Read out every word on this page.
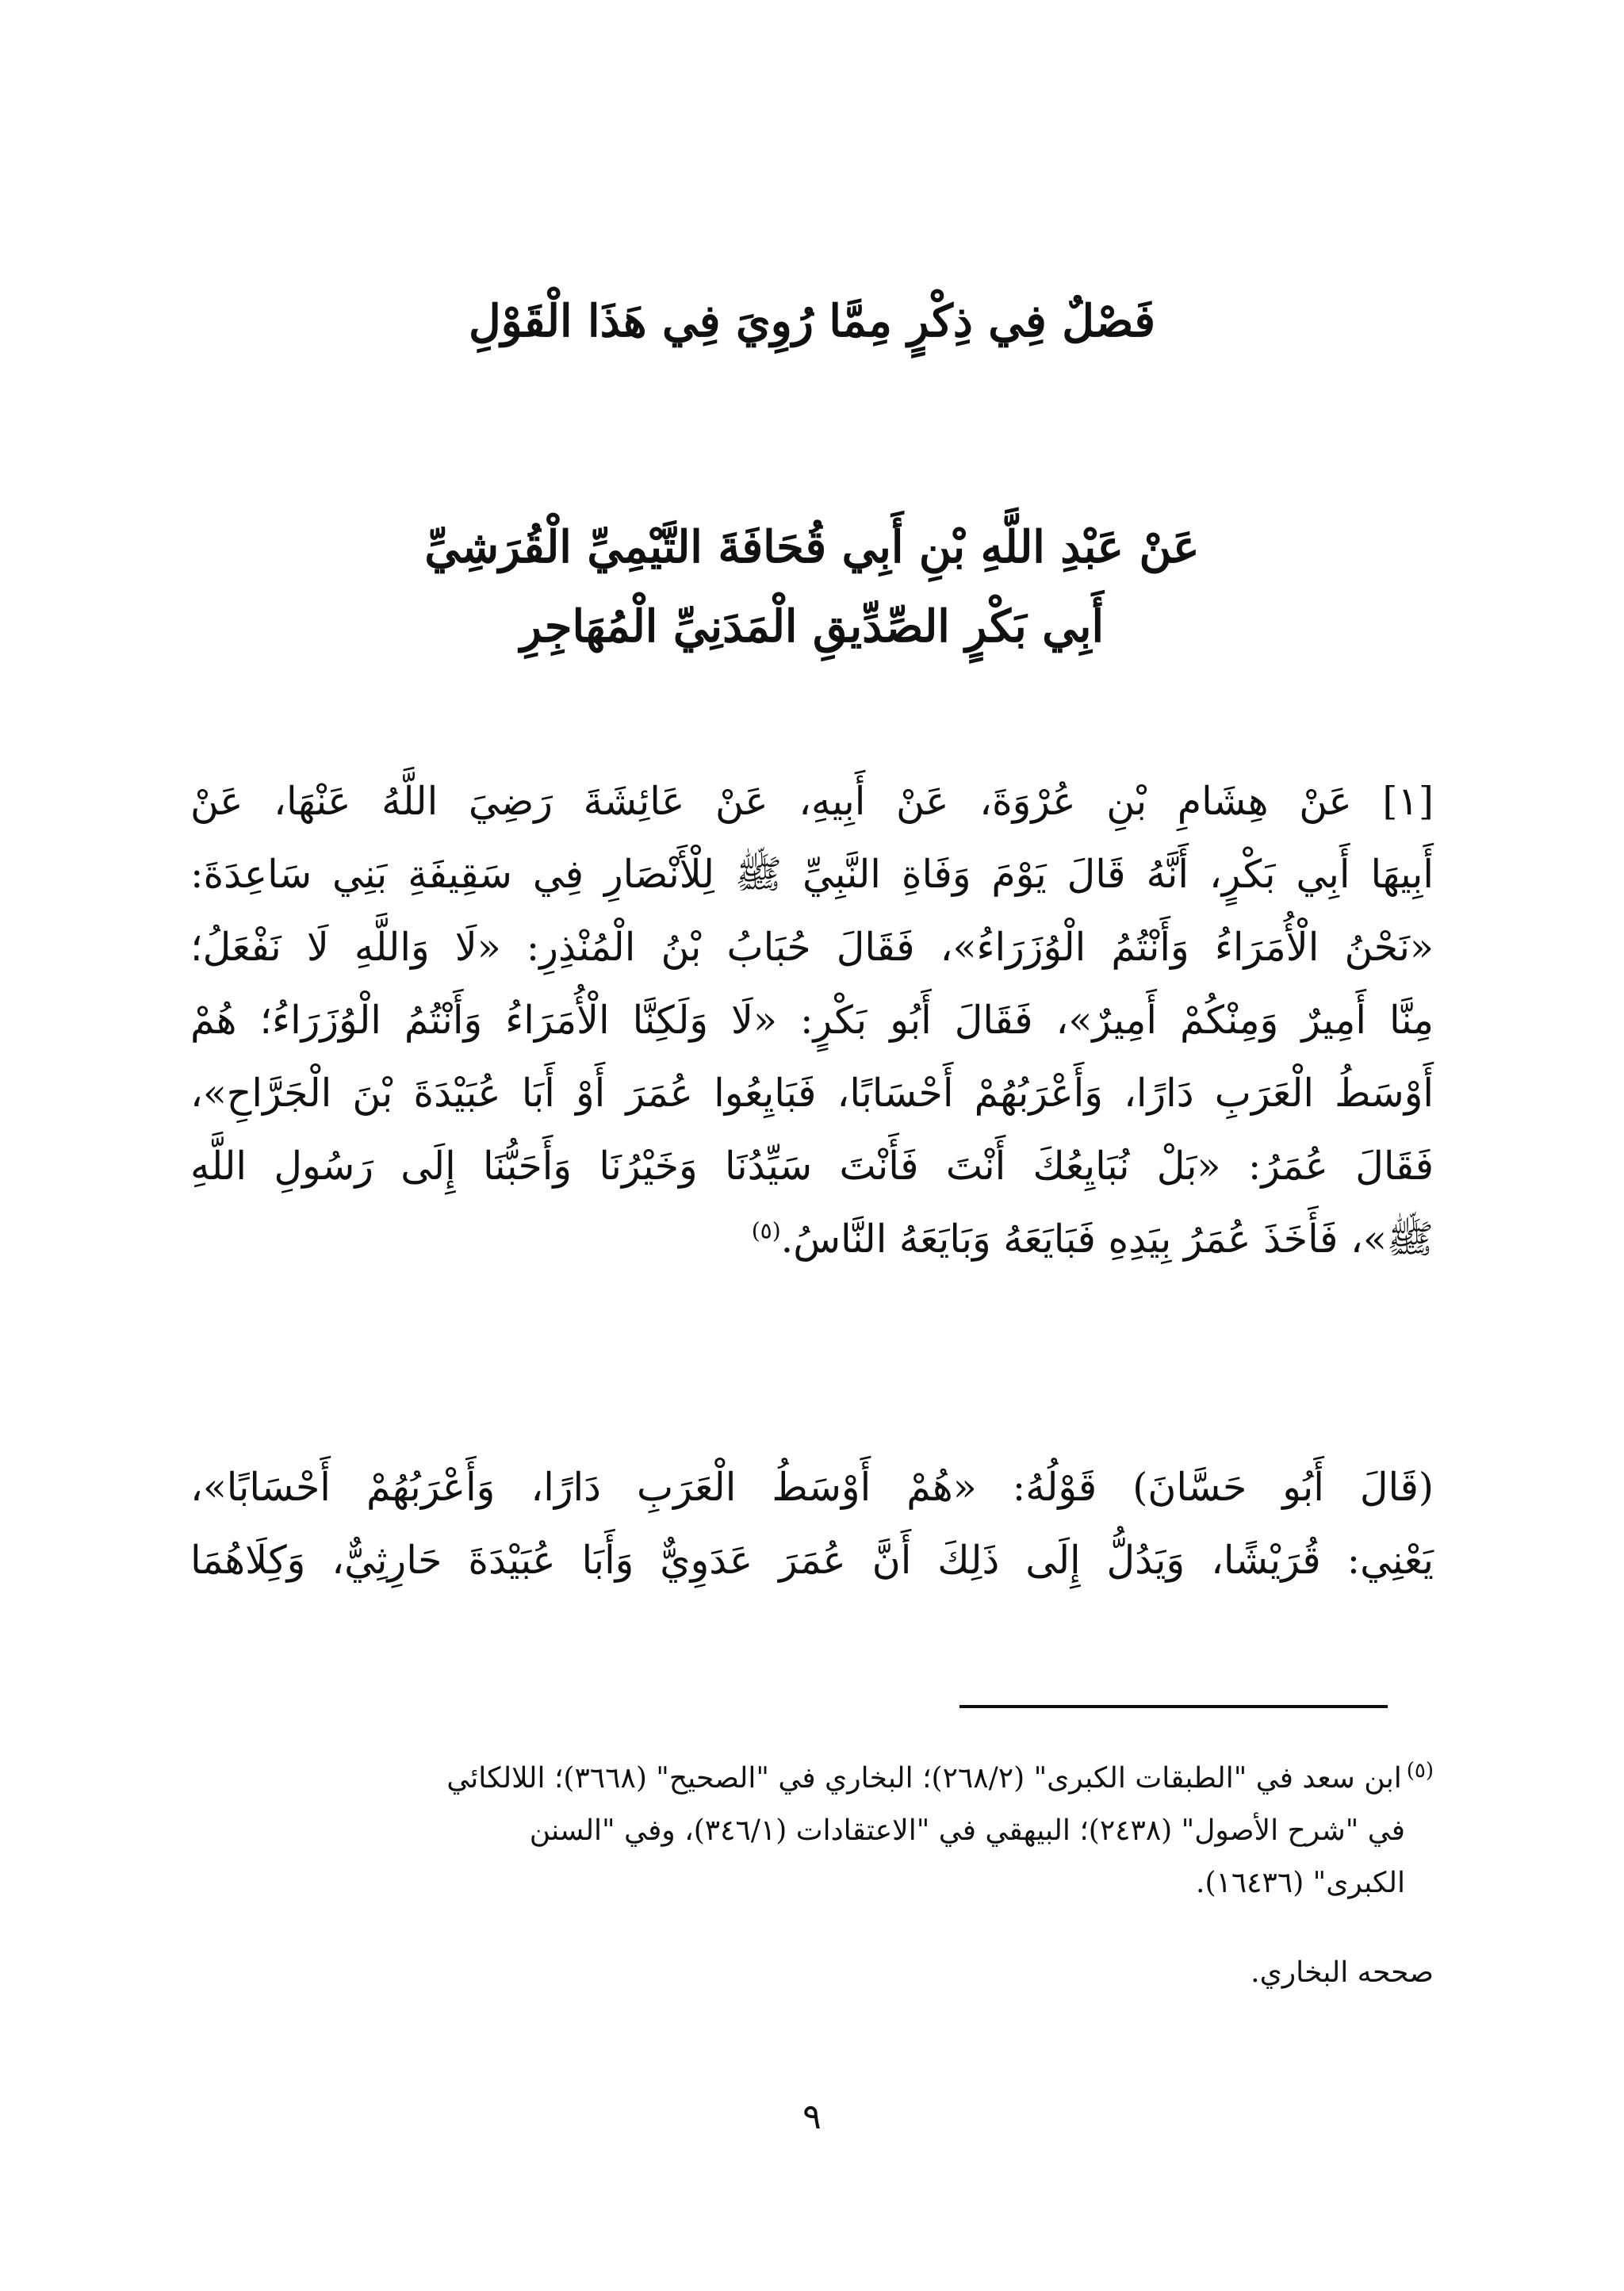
فَصْلٌ فِي ذِكْرٍ مِمَّا رُوِيَ فِي هَذَا الْقَوْلِ
عَنْ عَبْدِ اللَّهِ بْنِ أَبِي قُحَافَةَ التَّيْمِيِّ الْقُرَشِيِّ
أَبِي بَكْرٍ الصِّدِّيقِ الْمَدَنِيِّ الْمُهَاجِرِ
[١] عَنْ هِشَامِ بْنِ عُرْوَةَ، عَنْ أَبِيهِ، عَنْ عَائِشَةَ رَضِيَ اللَّهُ عَنْهَا، عَنْ
أَبِيهَا أَبِي بَكْرٍ، أَنَّهُ قَالَ يَوْمَ وَفَاةِ النَّبِيِّ ﷺ لِلْأَنْصَارِ فِي سَقِيفَةِ بَنِي سَاعِدَةَ:
«نَحْنُ الْأُمَرَاءُ وَأَنْتُمُ الْوُزَرَاءُ»، فَقَالَ حُبَابُ بْنُ الْمُنْذِرِ: «لَا وَاللَّهِ لَا نَفْعَلُ؛
مِنَّا أَمِيرٌ وَمِنْكُمْ أَمِيرٌ»، فَقَالَ أَبُو بَكْرٍ: «لَا وَلَكِنَّا الْأُمَرَاءُ وَأَنْتُمُ الْوُزَرَاءُ؛ هُمْ
أَوْسَطُ الْعَرَبِ دَارًا، وَأَعْرَبُهُمْ أَحْسَابًا، فَبَايِعُوا عُمَرَ أَوْ أَبَا عُبَيْدَةَ بْنَ الْجَرَّاحِ»،
فَقَالَ عُمَرُ: «بَلْ نُبَايِعُكَ أَنْتَ فَأَنْتَ سَيِّدُنَا وَخَيْرُنَا وَأَحَبُّنَا إِلَى رَسُولِ اللَّهِ
ﷺ»، فَأَخَذَ عُمَرُ بِيَدِهِ فَبَايَعَهُ وَبَايَعَهُ النَّاسُ.$^{(٥)}$
(قَالَ أَبُو حَسَّانَ) قَوْلُهُ: «هُمْ أَوْسَطُ الْعَرَبِ دَارًا، وَأَعْرَبُهُمْ أَحْسَابًا»،
يَعْنِي: قُرَيْشًا، وَيَدُلُّ إِلَى ذَلِكَ أَنَّ عُمَرَ عَدَوِيٌّ وَأَبَا عُبَيْدَةَ حَارِثِيٌّ، وَكِلَاهُمَا
$^{(٥)}$ابن سعد في "الطبقات الكبرى" (٢٦٨/٢)؛ البخاري في "الصحيح" (٣٦٦٨)؛ اللالكائي
في "شرح الأصول" (٢٤٣٨)؛ البيهقي في "الاعتقادات (٣٤٦/١)، وفي "السنن
الكبرى" (١٦٤٣٦).
صححه البخاري.
٩
